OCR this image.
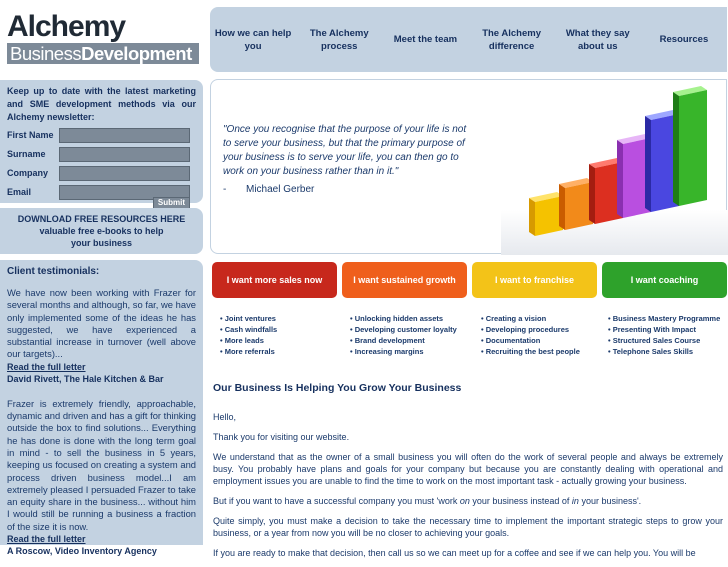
Alchemy
BusinessDevelopment
How we can help you
The Alchemy process
Meet the team
The Alchemy difference
What they say about us
Resources
Keep up to date with the latest marketing and SME development methods via our Alchemy newsletter:
First Name
Surname
Company
Email
Submit
DOWNLOAD FREE RESOURCES HERE
valuable free e-books to help
your business
Client testimonials:

We have now been working with Frazer for several months and although, so far, we have only implemented some of the ideas he has suggested, we have experienced a substantial increase in turnover (well above our targets)...

Read the full letter
David Rivett, The Hale Kitchen & Bar

Frazer is extremely friendly, approachable, dynamic and driven and has a gift for thinking outside the box to find solutions... Everything he has done is done with the long term goal in mind - to sell the business in 5 years, keeping us focused on creating a system and process driven business model...I am extremely pleased I persuaded Frazer to take an equity share in the business... without him I would still be running a business a fraction of the size it is now.

Read the full letter
A Roscow, Video Inventory Agency
"Once you recognise that the purpose of your life is not to serve your business, but that the primary purpose of your business is to serve your life, you can then go to work on your business rather than in it."
- Michael Gerber
I want more sales now	I want sustained growth	I want to franchise	I want coaching
• Joint ventures
• Cash windfalls
• More leads
• More referrals
• Unlocking hidden assets
• Developing customer loyalty
• Brand development
• Increasing margins
• Creating a vision
• Developing procedures
• Documentation
• Recruiting the best people
• Business Mastery Programme
• Presenting With Impact
• Structured Sales Course
• Telephone Sales Skills
Our Business Is Helping You Grow Your Business

Hello,

Thank you for visiting our website.

We understand that as the owner of a small business you will often do the work of several people and always be extremely busy. You probably have plans and goals for your company but because you are constantly dealing with operational and employment issues you are unable to find the time to work on the most important task - actually growing your business.

But if you want to have a successful company you must 'work on your business instead of in your business'.

Quite simply, you must make a decision to take the necessary time to implement the important strategic steps to grow your business, or a year from now you will be no closer to achieving your goals.

If you are ready to make that decision, then call us so we can meet up for a coffee and see if we can help you. You will be
